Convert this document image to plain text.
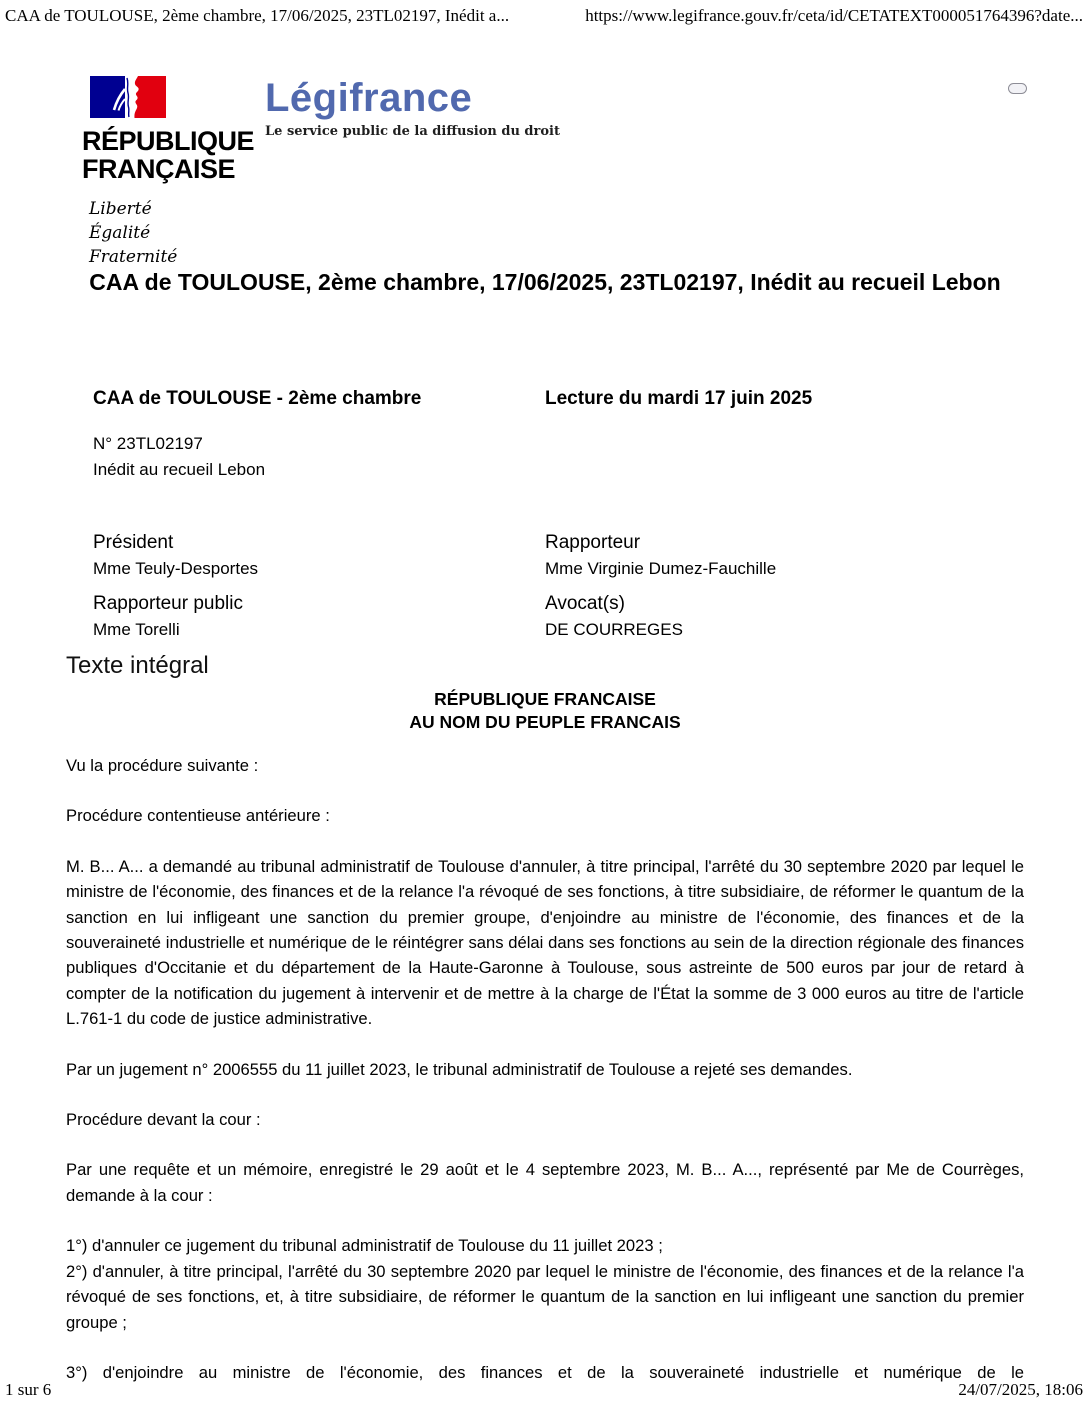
CAA de TOULOUSE, 2ème chambre, 17/06/2025, 23TL02197, Inédit a...	https://www.legifrance.gouv.fr/ceta/id/CETATEXT000051764396?date...
RÉPUBLIQUE
FRANÇAISE
Liberté
Égalité
Fraternité
Légifrance
Le service public de la diffusion du droit
CAA de TOULOUSE, 2ème chambre, 17/06/2025, 23TL02197, Inédit au recueil Lebon
CAA de TOULOUSE - 2ème chambre	Lecture du mardi 17 juin 2025
N° 23TL02197
Inédit au recueil Lebon
Président
Mme Teuly-Desportes
Rapporteur public
Mme Torelli
Rapporteur
Mme Virginie Dumez-Fauchille
Avocat(s)
DE COURREGES
Texte intégral
RÉPUBLIQUE FRANCAISE
AU NOM DU PEUPLE FRANCAIS

Vu la procédure suivante :

Procédure contentieuse antérieure :

M. B... A... a demandé au tribunal administratif de Toulouse d'annuler, à titre principal, l'arrêté du 30 septembre 2020 par lequel le ministre de l'économie, des finances et de la relance l'a révoqué de ses fonctions, à titre subsidiaire, de réformer le quantum de la sanction en lui infligeant une sanction du premier groupe, d'enjoindre au ministre de l'économie, des finances et de la souveraineté industrielle et numérique de le réintégrer sans délai dans ses fonctions au sein de la direction régionale des finances publiques d'Occitanie et du département de la Haute-Garonne à Toulouse, sous astreinte de 500 euros par jour de retard à compter de la notification du jugement à intervenir et de mettre à la charge de l'État la somme de 3 000 euros au titre de l'article L.761-1 du code de justice administrative.

Par un jugement n° 2006555 du 11 juillet 2023, le tribunal administratif de Toulouse a rejeté ses demandes.

Procédure devant la cour :

Par une requête et un mémoire, enregistré le 29 août et le 4 septembre 2023, M. B... A..., représenté par Me de Courrèges, demande à la cour :

1°) d'annuler ce jugement du tribunal administratif de Toulouse du 11 juillet 2023 ;

2°) d'annuler, à titre principal, l'arrêté du 30 septembre 2020 par lequel le ministre de l'économie, des finances et de la relance l'a révoqué de ses fonctions, et, à titre subsidiaire, de réformer le quantum de la sanction en lui infligeant une sanction du premier groupe ;

3°) d'enjoindre au ministre de l'économie, des finances et de la souveraineté industrielle et numérique de le

1 sur 6	24/07/2025, 18:06
